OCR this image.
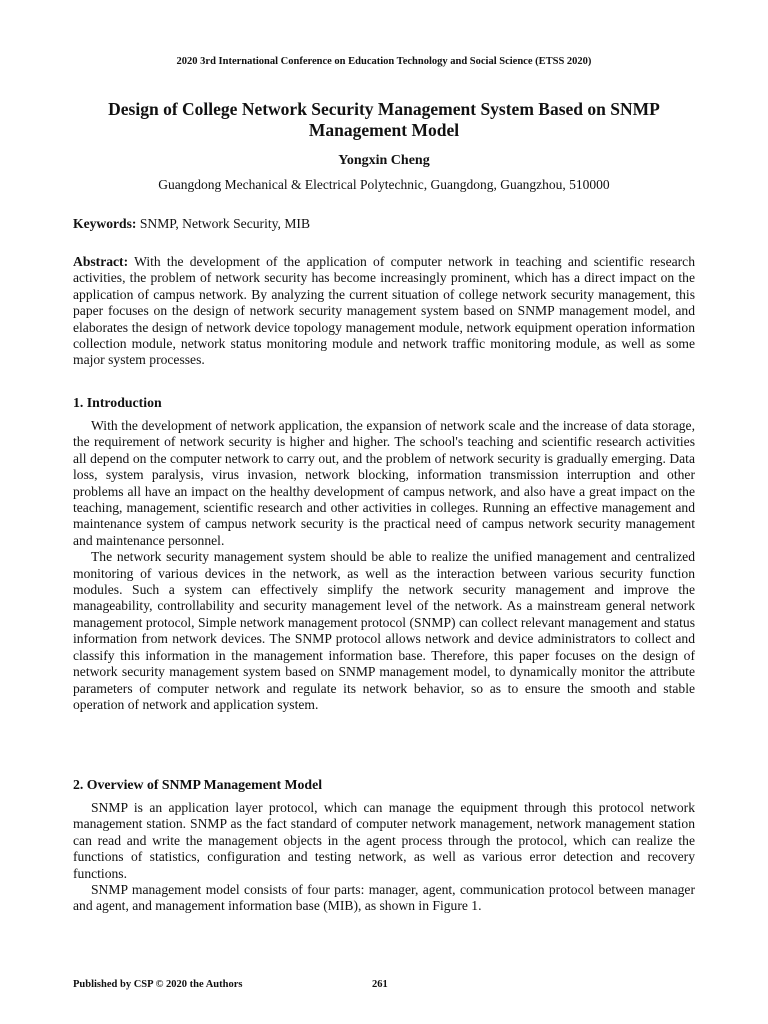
2020 3rd International Conference on Education Technology and Social Science (ETSS 2020)
Design of College Network Security Management System Based on SNMP Management Model
Yongxin Cheng
Guangdong Mechanical & Electrical Polytechnic, Guangdong, Guangzhou, 510000
Keywords: SNMP, Network Security, MIB
Abstract: With the development of the application of computer network in teaching and scientific research activities, the problem of network security has become increasingly prominent, which has a direct impact on the application of campus network. By analyzing the current situation of college network security management, this paper focuses on the design of network security management system based on SNMP management model, and elaborates the design of network device topology management module, network equipment operation information collection module, network status monitoring module and network traffic monitoring module, as well as some major system processes.
1. Introduction

With the development of network application, the expansion of network scale and the increase of data storage, the requirement of network security is higher and higher. The school's teaching and scientific research activities all depend on the computer network to carry out, and the problem of network security is gradually emerging. Data loss, system paralysis, virus invasion, network blocking, information transmission interruption and other problems all have an impact on the healthy development of campus network, and also have a great impact on the teaching, management, scientific research and other activities in colleges. Running an effective management and maintenance system of campus network security is the practical need of campus network security management and maintenance personnel.

The network security management system should be able to realize the unified management and centralized monitoring of various devices in the network, as well as the interaction between various security function modules. Such a system can effectively simplify the network security management and improve the manageability, controllability and security management level of the network. As a mainstream general network management protocol, Simple network management protocol (SNMP) can collect relevant management and status information from network devices. The SNMP protocol allows network and device administrators to collect and classify this information in the management information base. Therefore, this paper focuses on the design of network security management system based on SNMP management model, to dynamically monitor the attribute parameters of computer network and regulate its network behavior, so as to ensure the smooth and stable operation of network and application system.

2. Overview of SNMP Management Model

SNMP is an application layer protocol, which can manage the equipment through this protocol network management station. SNMP as the fact standard of computer network management, network management station can read and write the management objects in the agent process through the protocol, which can realize the functions of statistics, configuration and testing network, as well as various error detection and recovery functions.

SNMP management model consists of four parts: manager, agent, communication protocol between manager and agent, and management information base (MIB), as shown in Figure 1.

Published by CSP © 2020 the Authors	261
